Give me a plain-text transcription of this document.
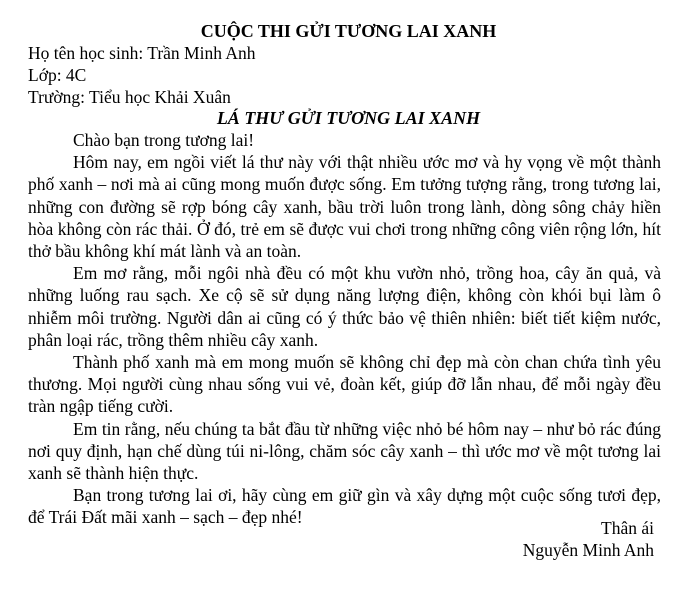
CUỘC THI GỬI TƯƠNG LAI XANH
Họ tên học sinh: Trần Minh Anh
Lớp: 4C
Trường: Tiểu học Khải Xuân
LÁ THƯ GỬI TƯƠNG LAI XANH

Chào bạn trong tương lai!

Hôm nay, em ngồi viết lá thư này với thật nhiều ước mơ và hy vọng về một thành phố xanh – nơi mà ai cũng mong muốn được sống. Em tưởng tượng rằng, trong tương lai, những con đường sẽ rợp bóng cây xanh, bầu trời luôn trong lành, dòng sông chảy hiền hòa không còn rác thải. Ở đó, trẻ em sẽ được vui chơi trong những công viên rộng lớn, hít thở bầu không khí mát lành và an toàn.

Em mơ rằng, mỗi ngôi nhà đều có một khu vườn nhỏ, trồng hoa, cây ăn quả, và những luống rau sạch. Xe cộ sẽ sử dụng năng lượng điện, không còn khói bụi làm ô nhiễm môi trường. Người dân ai cũng có ý thức bảo vệ thiên nhiên: biết tiết kiệm nước, phân loại rác, trồng thêm nhiều cây xanh.

Thành phố xanh mà em mong muốn sẽ không chỉ đẹp mà còn chan chứa tình yêu thương. Mọi người cùng nhau sống vui vẻ, đoàn kết, giúp đỡ lẫn nhau, để mỗi ngày đều tràn ngập tiếng cười.

Em tin rằng, nếu chúng ta bắt đầu từ những việc nhỏ bé hôm nay – như bỏ rác đúng nơi quy định, hạn chế dùng túi ni-lông, chăm sóc cây xanh – thì ước mơ về một tương lai xanh sẽ thành hiện thực.

Bạn trong tương lai ơi, hãy cùng em giữ gìn và xây dựng một cuộc sống tươi đẹp, để Trái Đất mãi xanh – sạch – đẹp nhé!

Thân ái
Nguyễn Minh Anh
